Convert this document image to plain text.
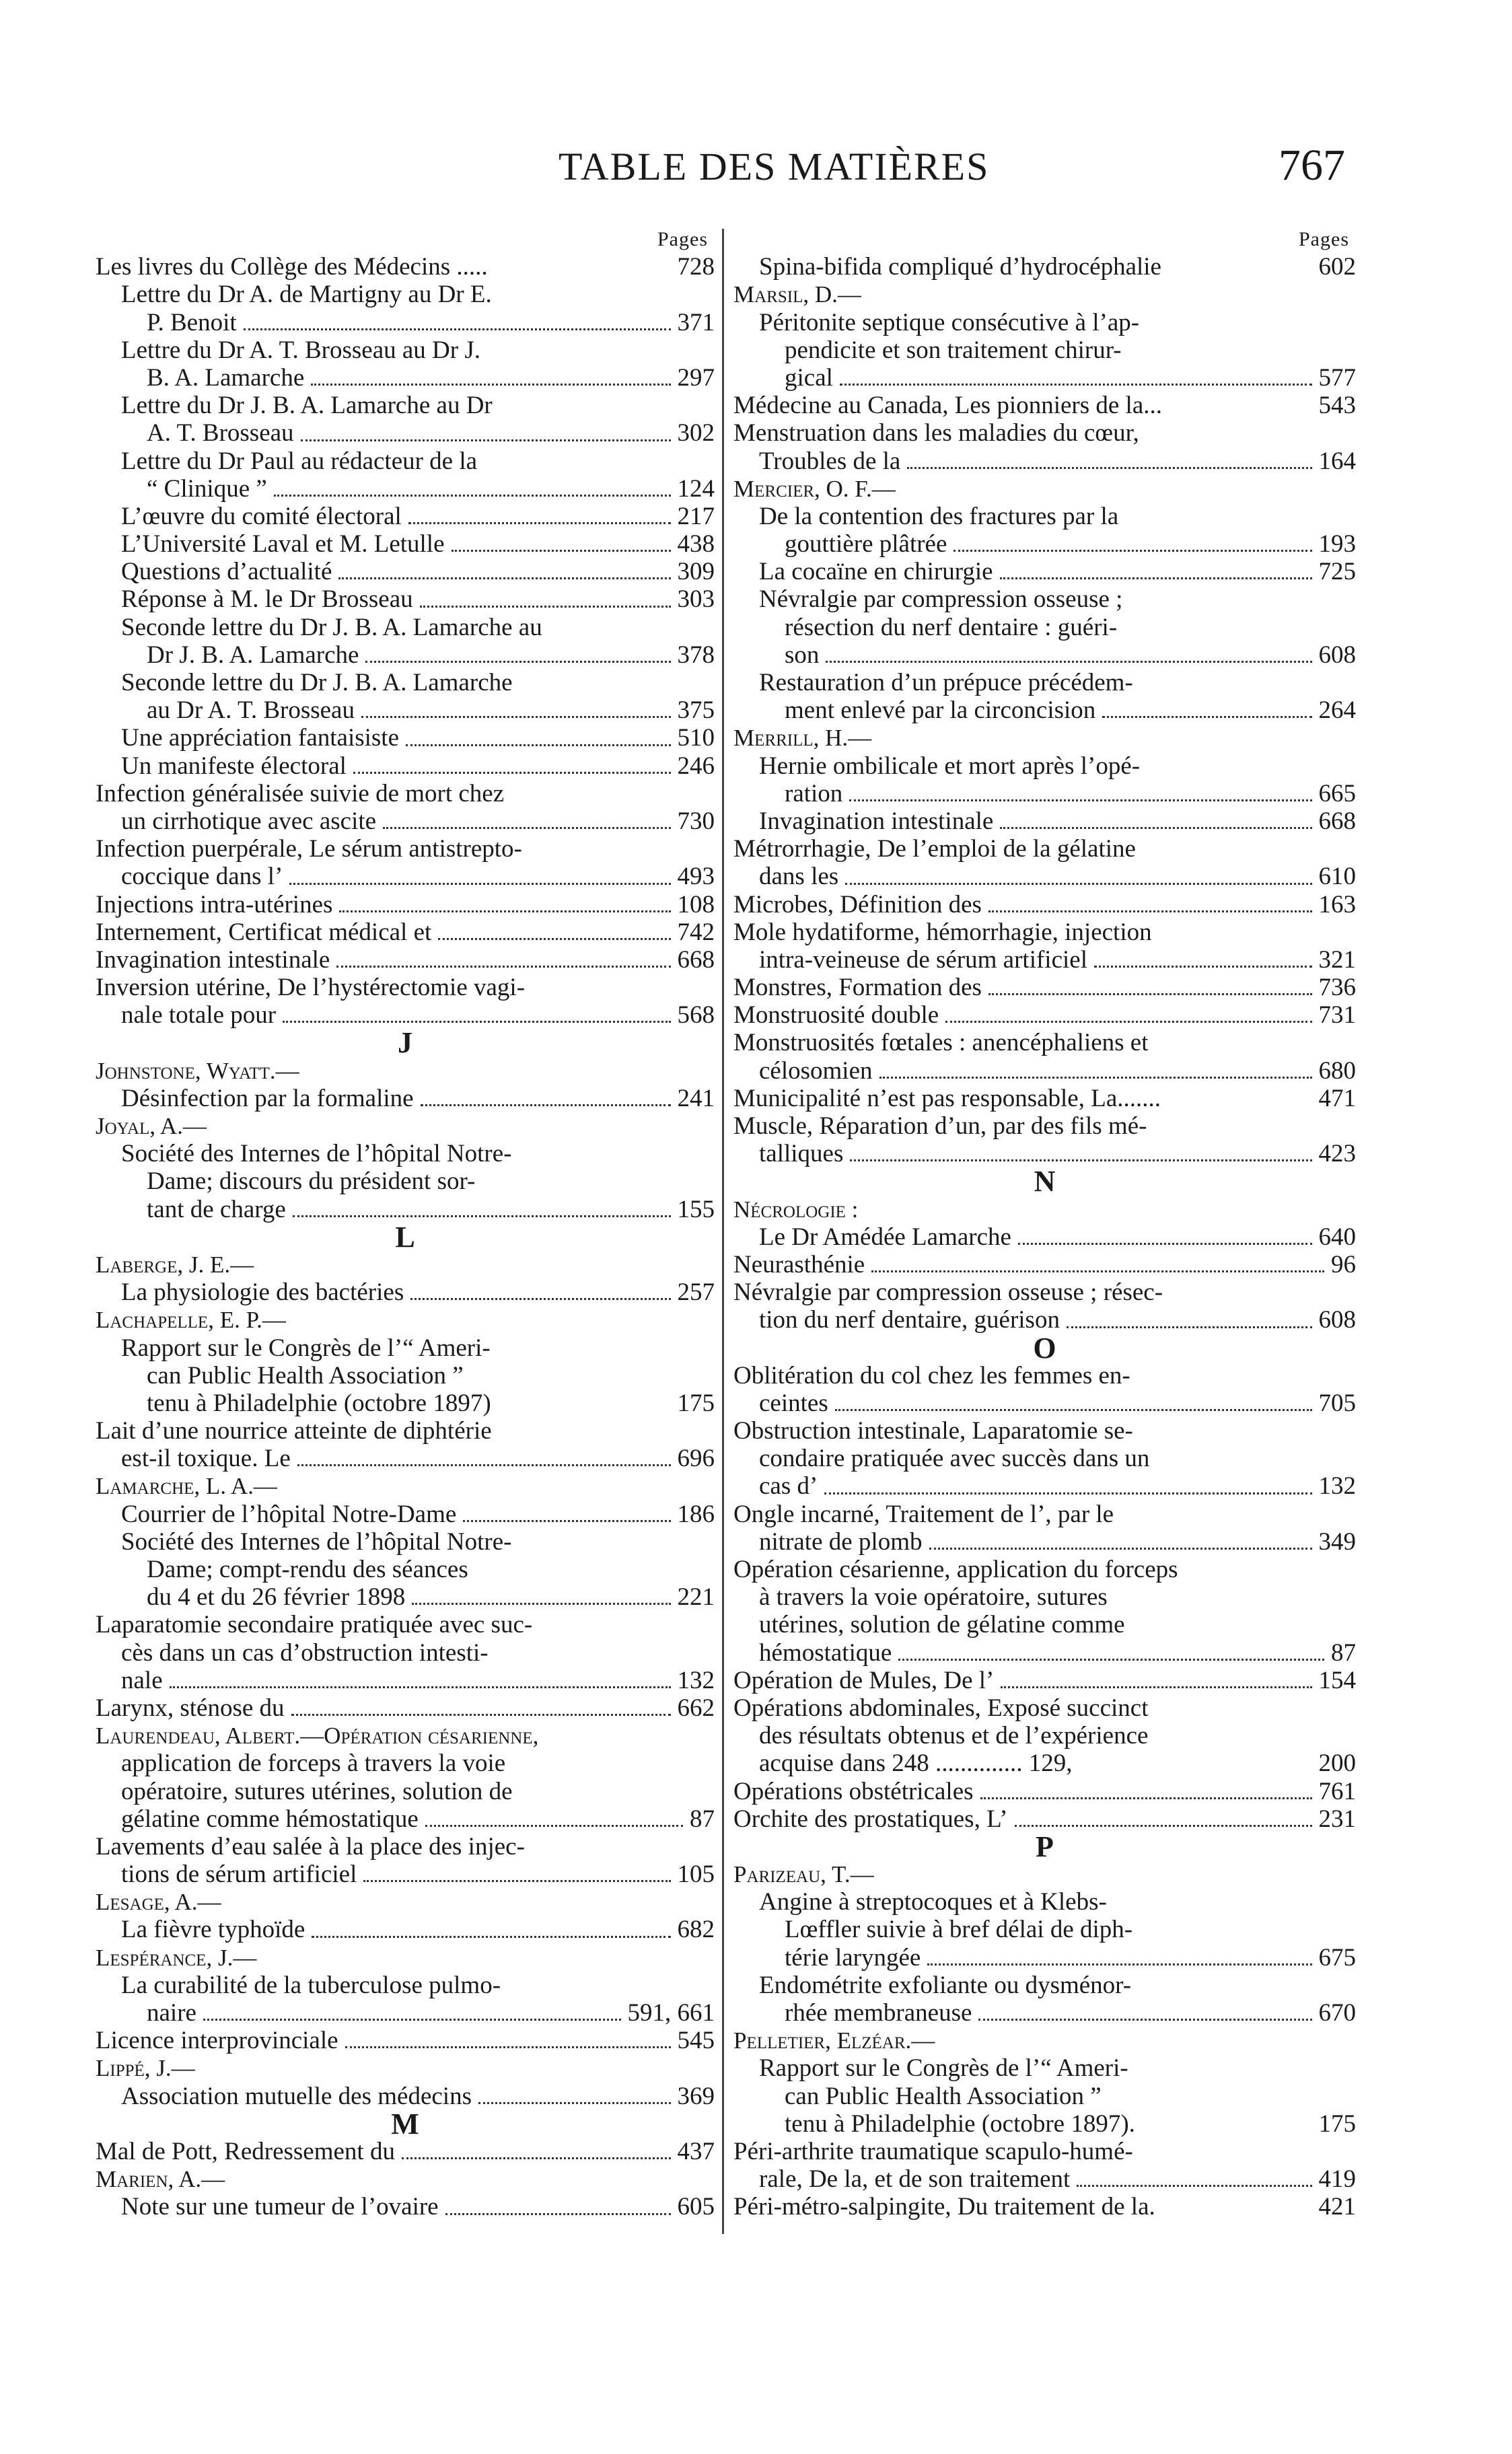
TABLE DES MATIÈRES	767
Pages
Les livres du Collège des Médecins .....	728
Lettre du Dr A. de Martigny au Dr E.
P. Benoit	371
Lettre du Dr A. T. Brosseau au Dr J.
B. A. Lamarche	297
Lettre du Dr J. B. A. Lamarche au Dr
A. T. Brosseau	302
Lettre du Dr Paul au rédacteur de la
“ Clinique ”	124
L’œuvre du comité électoral	217
L’Université Laval et M. Letulle	438
Questions d’actualité	309
Réponse à M. le Dr Brosseau	303
Seconde lettre du Dr J. B. A. Lamarche au
Dr J. B. A. Lamarche	378
Seconde lettre du Dr J. B. A. Lamarche
au Dr A. T. Brosseau	375
Une appréciation fantaisiste	510
Un manifeste électoral	246
Infection généralisée suivie de mort chez
un cirrhotique avec ascite	730
Infection puerpérale, Le sérum antistrepto-
coccique dans l’	493
Injections intra-utérines	108
Internement, Certificat médical et	742
Invagination intestinale	668
Inversion utérine, De l’hystérectomie vagi-
nale totale pour	568
J
Johnstone, Wyatt.—
Désinfection par la formaline	241
Joyal, A.—
Société des Internes de l’hôpital Notre-
Dame; discours du président sor-
tant de charge	155
L
Laberge, J. E.—
La physiologie des bactéries	257
Lachapelle, E. P.—
Rapport sur le Congrès de l’“ Ameri-
can Public Health Association ”
tenu à Philadelphie (octobre 1897)	175
Lait d’une nourrice atteinte de diphtérie
est-il toxique. Le	696
Lamarche, L. A.—
Courrier de l’hôpital Notre-Dame	186
Société des Internes de l’hôpital Notre-
Dame; compt-rendu des séances
du 4 et du 26 février 1898	221
Laparatomie secondaire pratiquée avec suc-
cès dans un cas d’obstruction intesti-
nale	132
Larynx, sténose du	662
Laurendeau, Albert.—Opération césarienne,
application de forceps à travers la voie
opératoire, sutures utérines, solution de
gélatine comme hémostatique	87
Lavements d’eau salée à la place des injec-
tions de sérum artificiel	105
Lesage, A.—
La fièvre typhoïde	682
Lespérance, J.—
La curabilité de la tuberculose pulmo-
naire	591, 661
Licence interprovinciale	545
Lippé, J.—
Association mutuelle des médecins	369
M
Mal de Pott, Redressement du	437
Marien, A.—
Note sur une tumeur de l’ovaire	605
Pages
Spina-bifida compliqué d’hydrocéphalie	602
Marsil, D.—
Péritonite septique consécutive à l’ap-
pendicite et son traitement chirur-
gical	577
Médecine au Canada, Les pionniers de la...	543
Menstruation dans les maladies du cœur,
Troubles de la	164
Mercier, O. F.—
De la contention des fractures par la
gouttière plâtrée	193
La cocaïne en chirurgie	725
Névralgie par compression osseuse ;
résection du nerf dentaire : guéri-
son	608
Restauration d’un prépuce précédem-
ment enlevé par la circoncision	264
Merrill, H.—
Hernie ombilicale et mort après l’opé-
ration	665
Invagination intestinale	668
Métrorrhagie, De l’emploi de la gélatine
dans les	610
Microbes, Définition des	163
Mole hydatiforme, hémorrhagie, injection
intra-veineuse de sérum artificiel	321
Monstres, Formation des	736
Monstruosité double	731
Monstruosités fœtales : anencéphaliens et
célosomien	680
Municipalité n’est pas responsable, La.......	471
Muscle, Réparation d’un, par des fils mé-
talliques	423
N
Nécrologie :
Le Dr Amédée Lamarche	640
Neurasthénie	96
Névralgie par compression osseuse ; résec-
tion du nerf dentaire, guérison	608
O
Oblitération du col chez les femmes en-
ceintes	705
Obstruction intestinale, Laparatomie se-
condaire pratiquée avec succès dans un
cas d’	132
Ongle incarné, Traitement de l’, par le
nitrate de plomb	349
Opération césarienne, application du forceps
à travers la voie opératoire, sutures
utérines, solution de gélatine comme
hémostatique	87
Opération de Mules, De l’	154
Opérations abdominales, Exposé succinct
des résultats obtenus et de l’expérience
acquise dans 248 .............. 129,	200
Opérations obstétricales	761
Orchite des prostatiques, L’	231
P
Parizeau, T.—
Angine à streptocoques et à Klebs-
Lœffler suivie à bref délai de diph-
térie laryngée	675
Endométrite exfoliante ou dysménor-
rhée membraneuse	670
Pelletier, Elzéar.—
Rapport sur le Congrès de l’“ Ameri-
can Public Health Association ”
tenu à Philadelphie (octobre 1897).	175
Péri-arthrite traumatique scapulo-humé-
rale, De la, et de son traitement	419
Péri-métro-salpingite, Du traitement de la.	421
